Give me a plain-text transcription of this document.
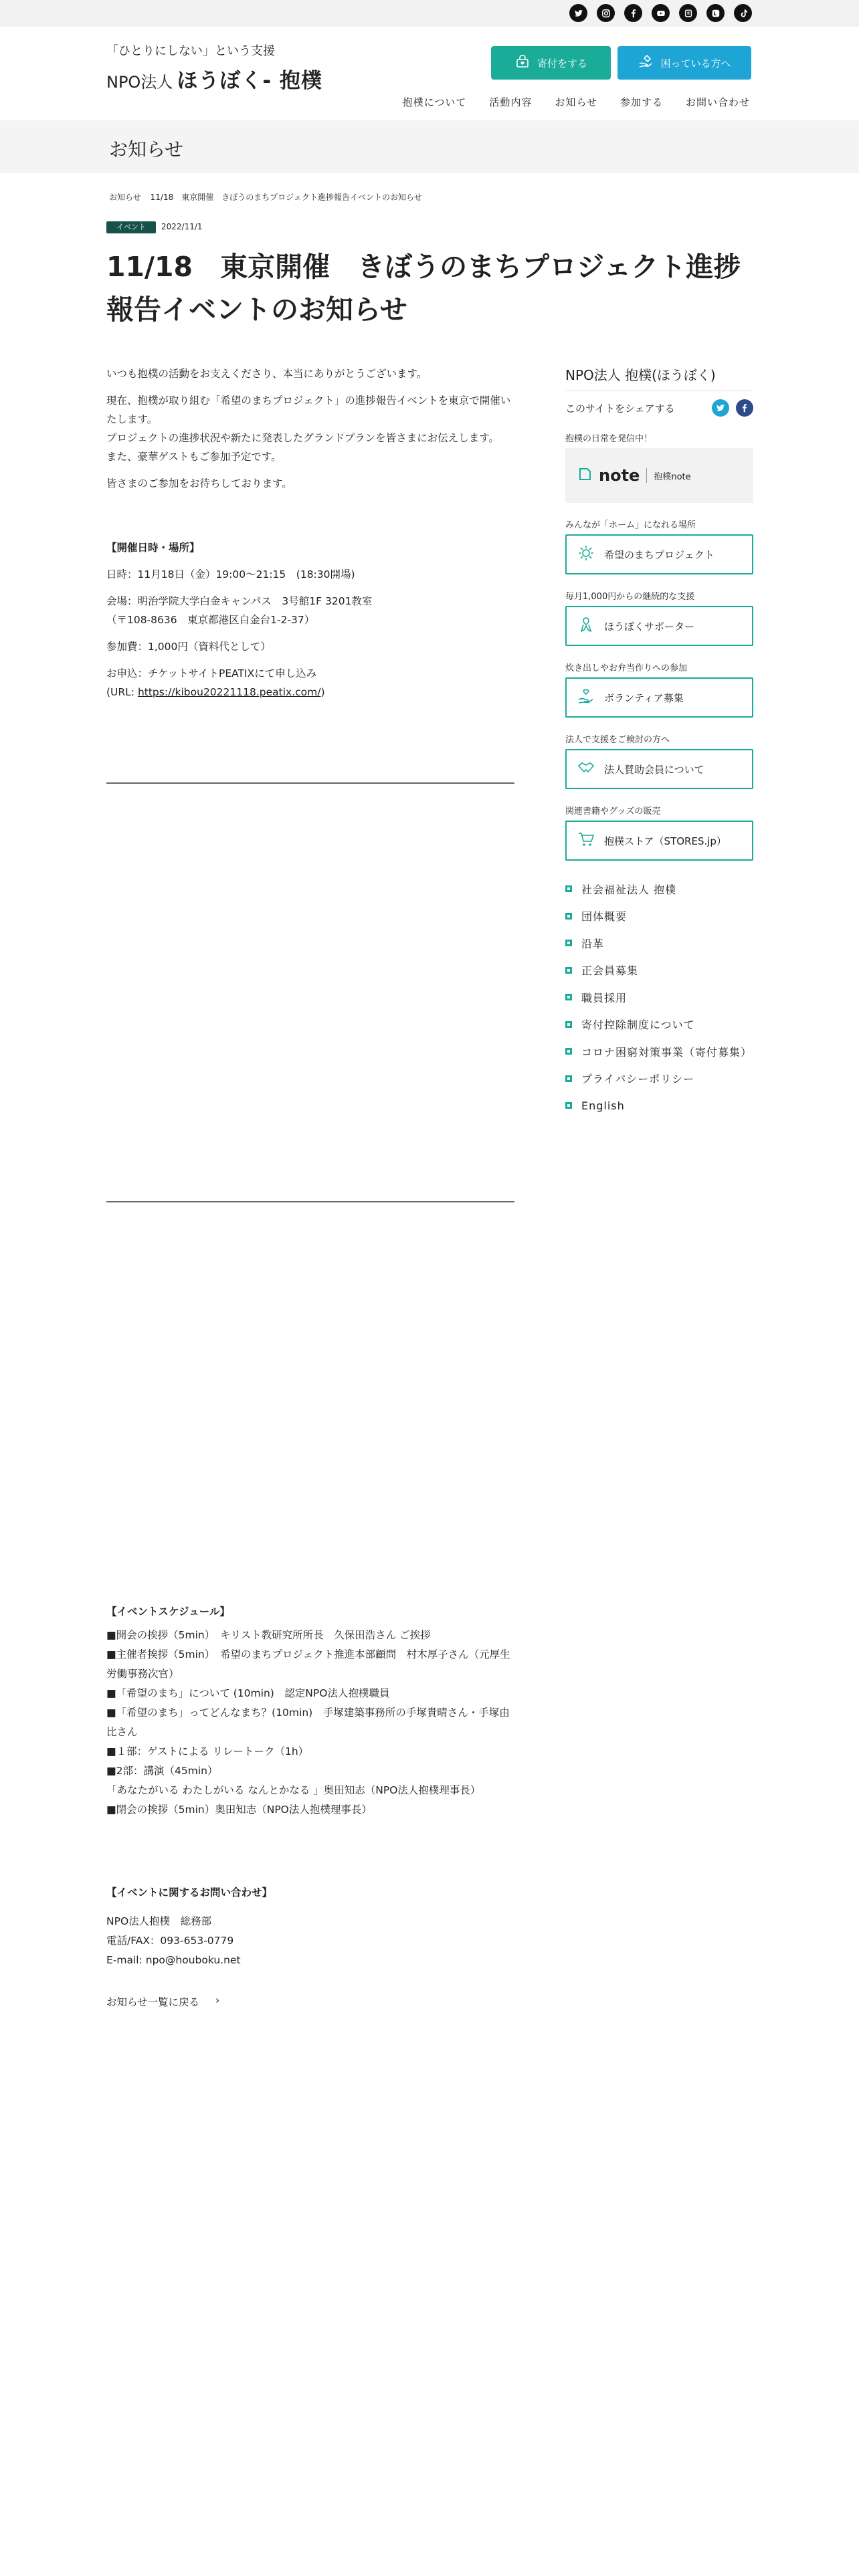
「ひとりにしない」という支援
NPO法人 ほうぼく- 抱樸
寄付をする	困っている方へ
抱樸について 活動内容 お知らせ 参加する お問い合わせ
お知らせ
お知らせ 11/18　東京開催　きぼうのまちプロジェクト進捗報告イベントのお知らせ
イベント	2022/11/1
11/18　東京開催　きぼうのまちプロジェクト進捗報告イベントのお知らせ

いつも抱樸の活動をお支えくださり、本当にありがとうございます。

現在、抱樸が取り組む「希望のまちプロジェクト」の進捗報告イベントを東京で開催いたします。
プロジェクトの進捗状況や新たに発表したグランドプランを皆さまにお伝えします。
また、豪華ゲストもご参加予定です。

皆さまのご参加をお待ちしております。

【開催日時・場所】

日時：11月18日（金）19:00〜21:15　(18:30開場)

会場：明治学院大学白金キャンパス　3号館1F 3201教室
（〒108-8636　東京都港区白金台1-2-37）

参加費：1,000円（資料代として）

お申込：チケットサイトPEATIXにて申し込み
(URL: https://kibou20221118.peatix.com/)

【イベントスケジュール】

■開会の挨拶（5min）　キリスト教研究所所長　久保田浩さん ご挨拶

■主催者挨拶（5min）　希望のまちプロジェクト推進本部顧問　村木厚子さん（元厚生労働事務次官）

■「希望のまち」について (10min)　認定NPO法人抱樸職員

■「希望のまち」ってどんなまち？(10min)　手塚建築事務所の手塚貴晴さん・手塚由比さん

■１部：ゲストによる リレートーク（1h）

■2部：講演（45min）

「あなたがいる わたしがいる なんとかなる 」奥田知志（NPO法人抱樸理事長）

■閉会の挨拶（5min）奥田知志（NPO法人抱樸理事長）

【イベントに関するお問い合わせ】

NPO法人抱樸　総務部

電話/FAX：093-653-0779

E-mail: npo@houboku.net

お知らせ一覧に戻る ›
NPO法人 抱樸(ほうぼく)
このサイトをシェアする
抱樸の日常を発信中！
note 抱樸note
みんなが「ホーム」になれる場所
希望のまちプロジェクト
毎月1,000円からの継続的な支援
ほうぼくサポーター
炊き出しやお弁当作りへの参加
ボランティア募集
法人で支援をご検討の方へ
法人賛助会員について
関連書籍やグッズの販売
抱樸ストア（STORES.jp）
社会福祉法人 抱樸
団体概要
沿革
正会員募集
職員採用
寄付控除制度について
コロナ困窮対策事業（寄付募集）
プライバシーポリシー
English
